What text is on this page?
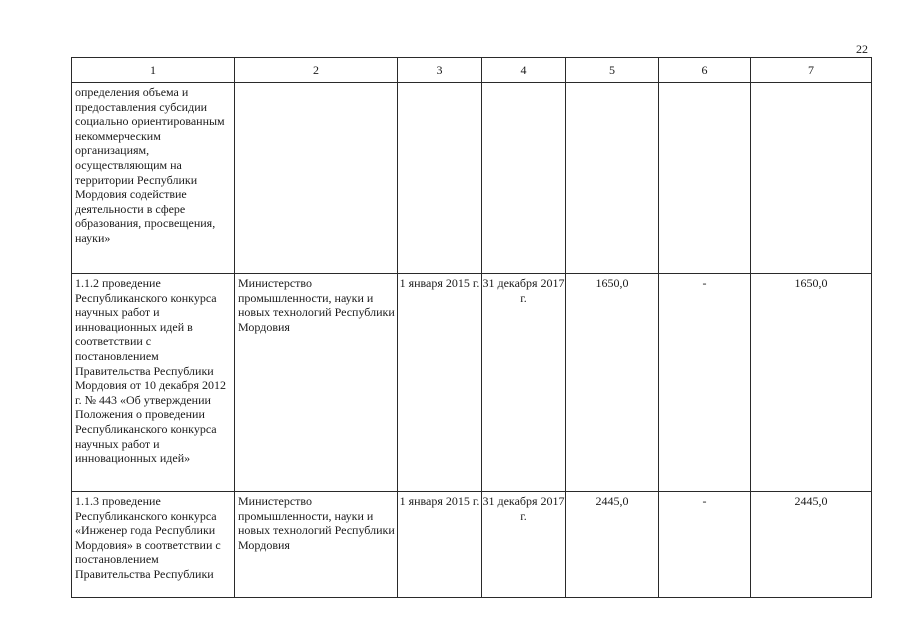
22
1	2	3	4	5	6	7

определения объема и предоставления субсидии социально ориентированным некоммерческим организациям, осуществляющим на территории Республики Мордовия содействие деятельности в сфере образования, просвещения, науки»						

1.1.2 проведение Республиканского конкурса научных работ и инновационных идей в соответствии с постановлением Правительства Республики Мордовия от 10 декабря 2012 г. № 443 «Об утверждении Положения о проведении Республиканского конкурса научных работ и инновационных идей»	Министерство промышленности, науки и новых технологий Республики Мордовия	1 января 2015 г.	31 декабря 2017 г.	1650,0	-	1650,0

1.1.3 проведение Республиканского конкурса «Инженер года Республики Мордовия» в соответствии с постановлением Правительства Республики	Министерство промышленности, науки и новых технологий Республики Мордовия	1 января 2015 г.	31 декабря 2017 г.	2445,0	-	2445,0
